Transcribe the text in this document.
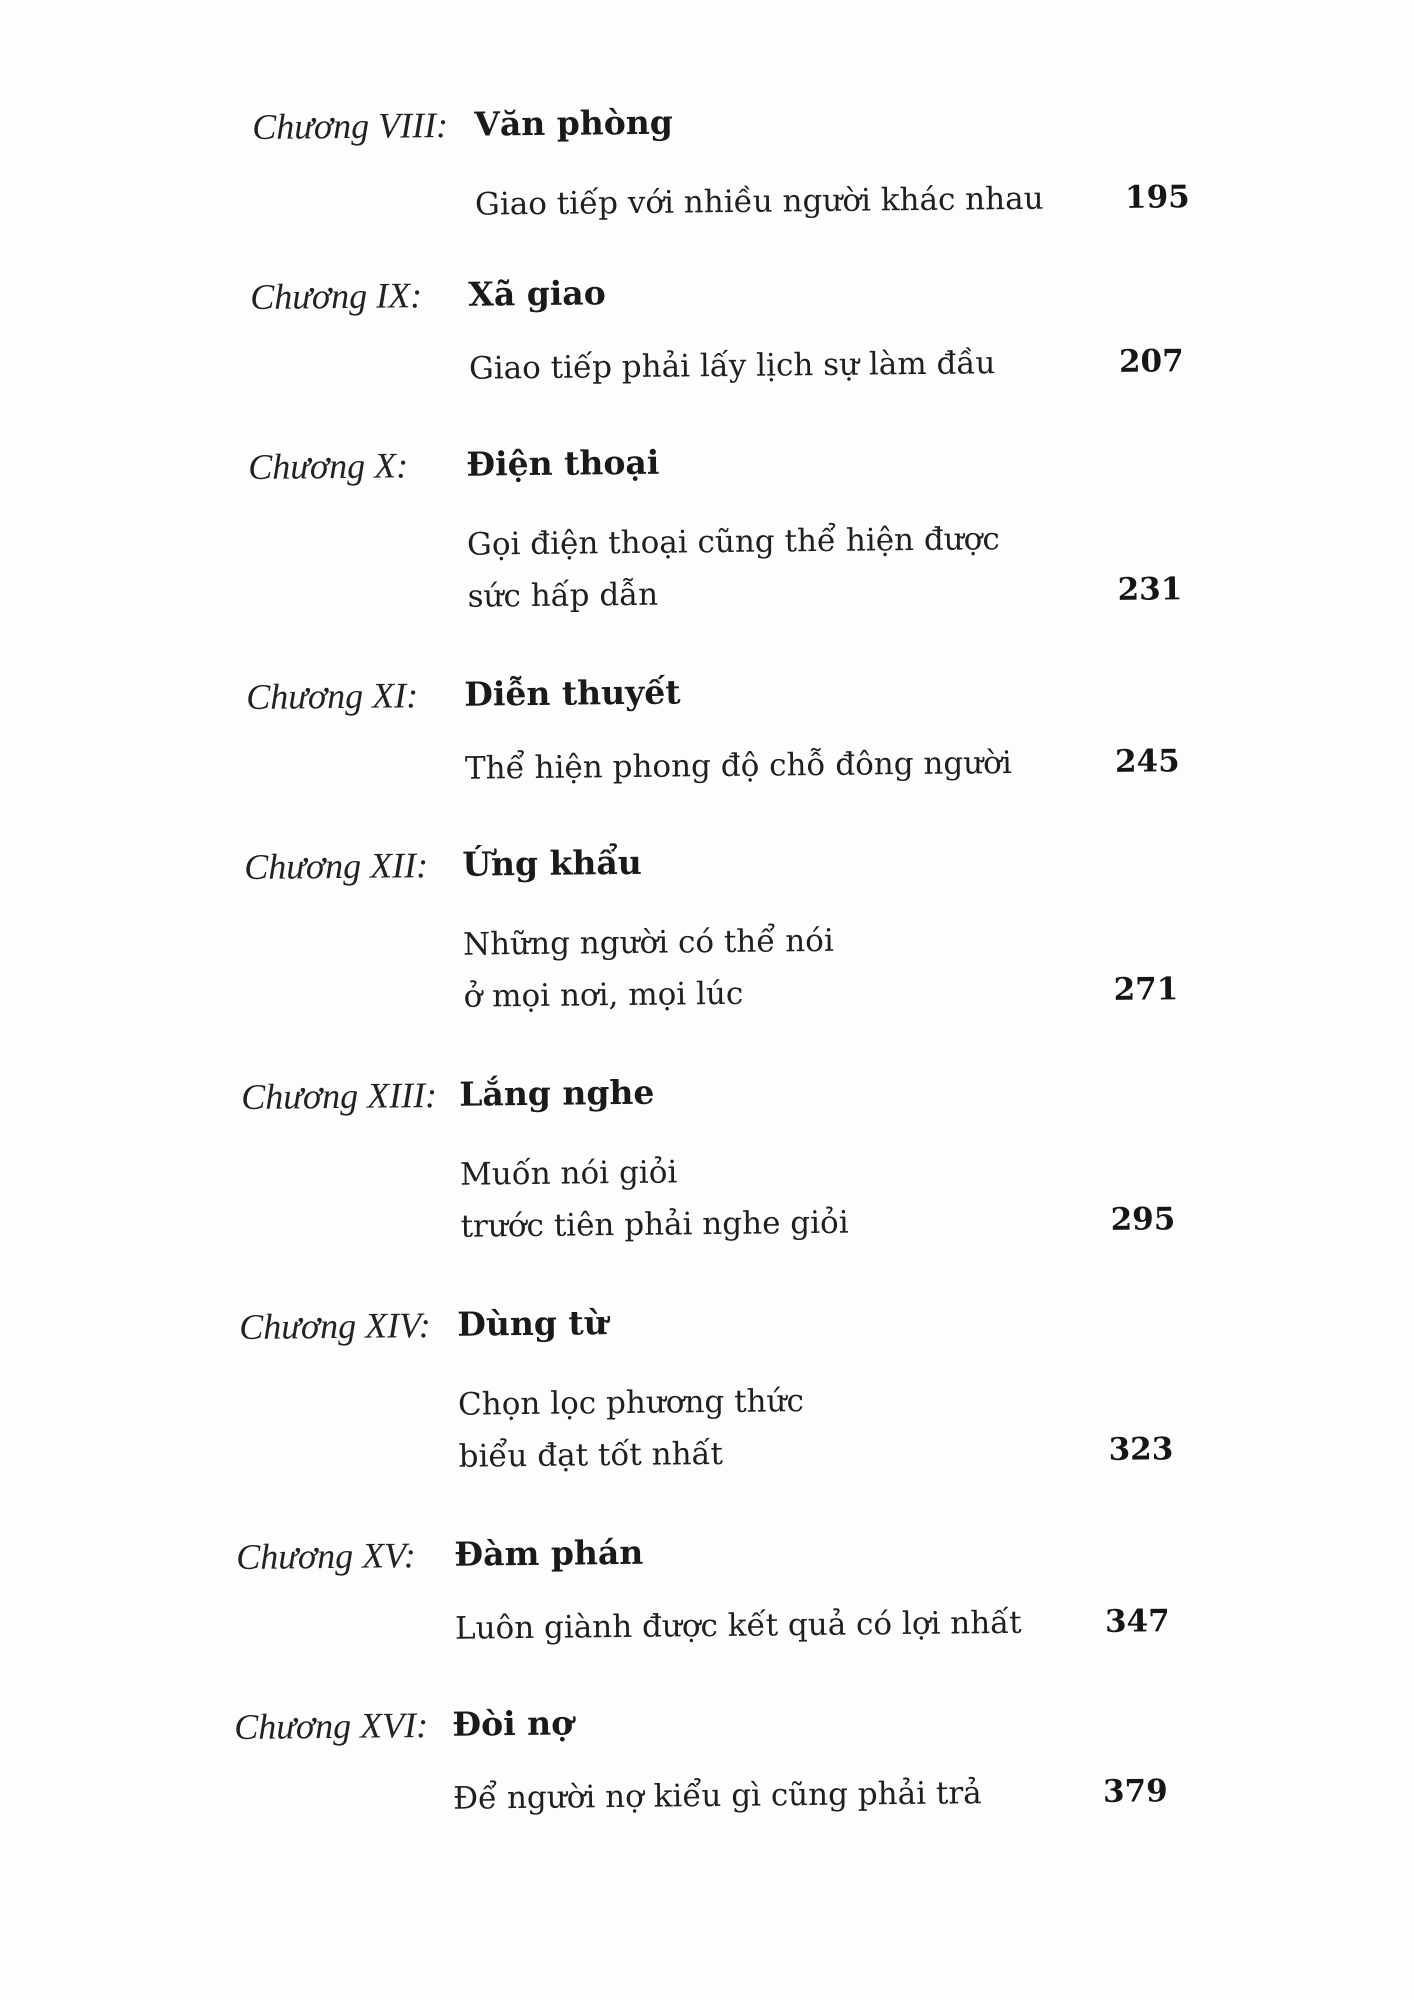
Chương VIII: Văn phòng
Giao tiếp với nhiều người khác nhau	195
Chương IX: Xã giao
Giao tiếp phải lấy lịch sự làm đầu	207
Chương X: Điện thoại
Gọi điện thoại cũng thể hiện được
sức hấp dẫn	231
Chương XI: Diễn thuyết
Thể hiện phong độ chỗ đông người	245
Chương XII: Ứng khẩu
Những người có thể nói
ở mọi nơi, mọi lúc	271
Chương XIII: Lắng nghe
Muốn nói giỏi
trước tiên phải nghe giỏi	295
Chương XIV: Dùng từ
Chọn lọc phương thức
biểu đạt tốt nhất	323
Chương XV: Đàm phán
Luôn giành được kết quả có lợi nhất	347
Chương XVI: Đòi nợ
Để người nợ kiểu gì cũng phải trả	379
